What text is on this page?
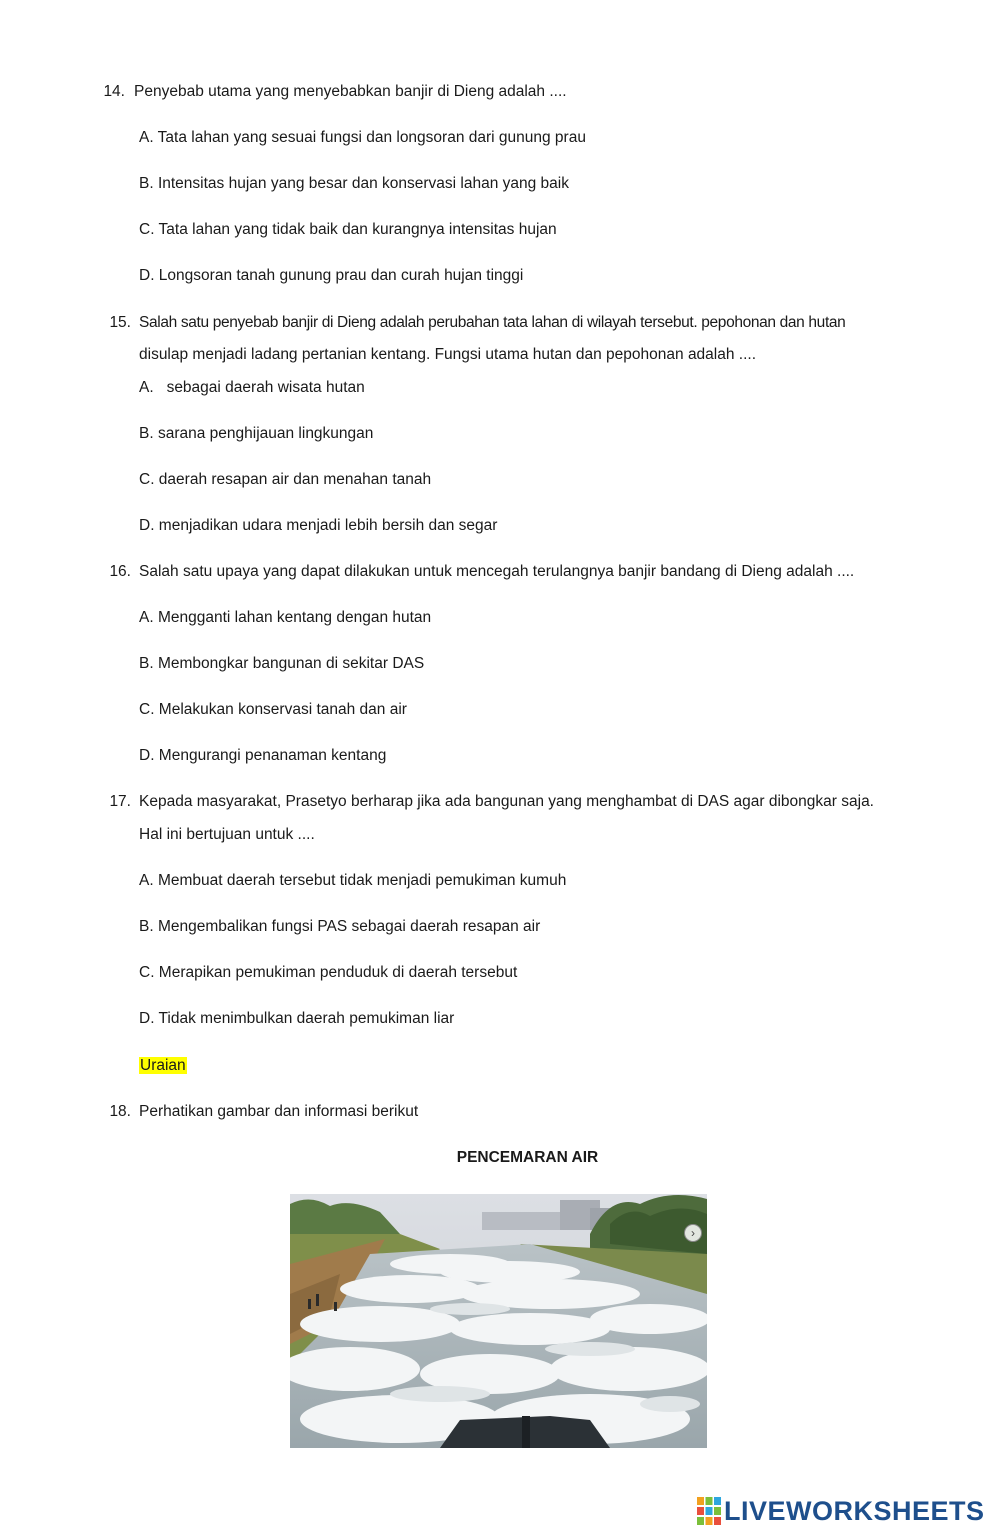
14. Penyebab utama yang menyebabkan banjir di Dieng adalah ....
A. Tata lahan yang sesuai fungsi dan longsoran dari gunung prau
B. Intensitas hujan yang besar dan konservasi lahan yang baik
C. Tata lahan yang tidak baik dan kurangnya intensitas hujan
D. Longsoran tanah gunung prau dan curah hujan tinggi
15. Salah satu penyebab banjir di Dieng adalah perubahan tata lahan di wilayah tersebut. pepohonan dan hutan
disulap menjadi ladang pertanian kentang. Fungsi utama hutan dan pepohonan adalah ....
A.   sebagai daerah wisata hutan
B. sarana penghijauan lingkungan
C. daerah resapan air dan menahan tanah
D. menjadikan udara menjadi lebih bersih dan segar
16. Salah satu upaya yang dapat dilakukan untuk mencegah terulangnya banjir bandang di Dieng adalah ....
A. Mengganti lahan kentang dengan hutan
B. Membongkar bangunan di sekitar DAS
C. Melakukan konservasi tanah dan air
D. Mengurangi penanaman kentang
17. Kepada masyarakat, Prasetyo berharap jika ada bangunan yang menghambat di DAS agar dibongkar saja.
Hal ini bertujuan untuk ....
A. Membuat daerah tersebut tidak menjadi pemukiman kumuh
B. Mengembalikan fungsi PAS sebagai daerah resapan air
C. Merapikan pemukiman penduduk di daerah tersebut
D. Tidak menimbulkan daerah pemukiman liar
Uraian
18. Perhatikan gambar dan informasi berikut
PENCEMARAN AIR
›
LIVEWORKSHEETS
